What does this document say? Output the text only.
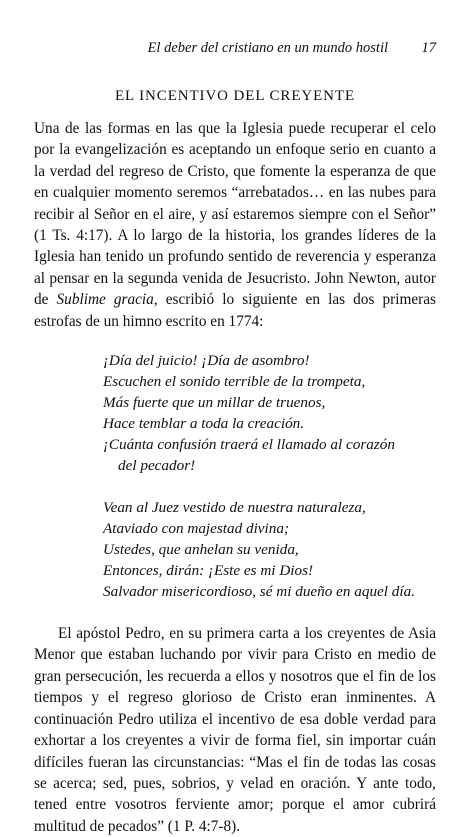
El deber del cristiano en un mundo hostil 17
EL INCENTIVO DEL CREYENTE

Una de las formas en las que la Iglesia puede recuperar el celo por la evangelización es aceptando un enfoque serio en cuanto a la verdad del regreso de Cristo, que fomente la esperanza de que en cualquier momento seremos “arrebatados… en las nubes para recibir al Señor en el aire, y así estaremos siempre con el Señor” (1 Ts. 4:17). A lo largo de la historia, los grandes líderes de la Iglesia han tenido un profundo sentido de reverencia y esperanza al pensar en la segunda venida de Jesucristo. John Newton, autor de Sublime gracia, escribió lo siguiente en las dos primeras estrofas de un himno escrito en 1774:

¡Día del juicio! ¡Día de asombro!
Escuchen el sonido terrible de la trompeta,
Más fuerte que un millar de truenos,
Hace temblar a toda la creación.
¡Cuánta confusión traerá el llamado al corazón
del pecador!
Vean al Juez vestido de nuestra naturaleza,
Ataviado con majestad divina;
Ustedes, que anhelan su venida,
Entonces, dirán: ¡Este es mi Dios!
Salvador misericordioso, sé mi dueño en aquel día.

El apóstol Pedro, en su primera carta a los creyentes de Asia Menor que estaban luchando por vivir para Cristo en medio de gran persecución, les recuerda a ellos y nosotros que el fin de los tiempos y el regreso glorioso de Cristo eran inminentes. A continuación Pedro utiliza el incentivo de esa doble verdad para exhortar a los creyentes a vivir de forma fiel, sin importar cuán difíciles fueran las circunstancias: “Mas el fin de todas las cosas se acerca; sed, pues, sobrios, y velad en oración. Y ante todo, tened entre vosotros ferviente amor; porque el amor cubrirá multitud de pecados” (1 P. 4:7-8).
